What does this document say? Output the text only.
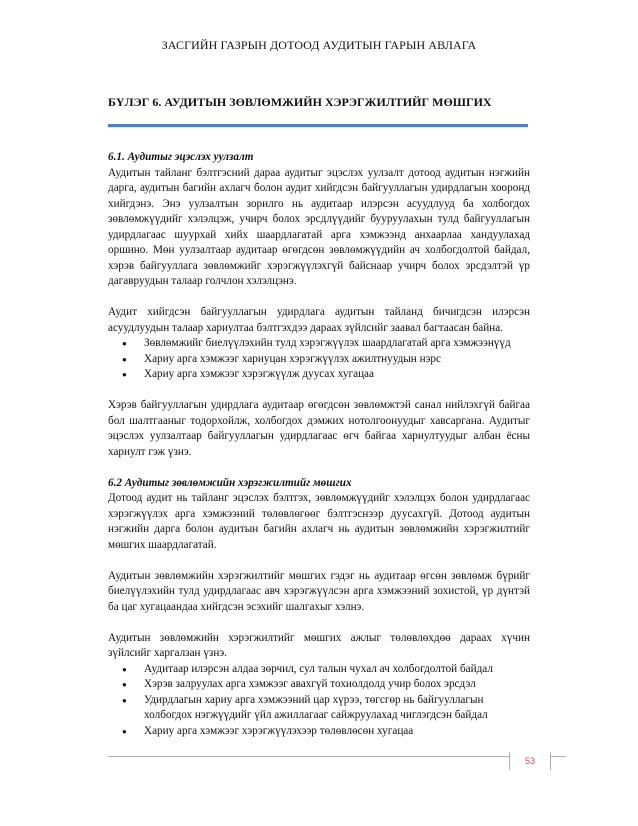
ЗАСГИЙН ГАЗРЫН ДОТООД АУДИТЫН ГАРЫН АВЛАГА
БҮЛЭГ 6. АУДИТЫН ЗӨВЛӨМЖИЙН ХЭРЭГЖИЛТИЙГ МӨШГИХ
6.1. Аудитыг эцэслэх уулзалт

Аудитын тайланг бэлтгэсний дараа аудитыг эцэслэх уулзалт дотоод аудитын нэгжийн дарга, аудитын багийн ахлагч болон аудит хийгдсэн байгууллагын удирдлагын хооронд хийгдэнэ. Энэ уулзалтын зорилго нь аудитаар илэрсэн асуудлууд ба холбогдох зөвлөмжүүдийг хэлэлцэж, учирч болох эрсдлүүдийг бууруулахын тулд байгууллагын удирдлагаас шуурхай хийх шаардлагатай арга хэмжээнд анхаарлаа хандуулахад оршино. Мөн уулзалтаар аудитаар өгөгдсөн зөвлөмжүүдийн ач холбогдолтой байдал, хэрэв байгууллага зөвлөмжийг хэрэгжүүлэхгүй байснаар учирч болох эрсдэлтэй үр дагавруудын талаар голчлон хэлэлцэнэ.

Аудит хийгдсэн байгууллагын удирдлага аудитын тайланд бичигдсэн илэрсэн асуудлуудын талаар хариултаа бэлтгэхдээ дараах зүйлсийг заавал багтаасан байна.

● Зөвлөмжийг биелүүлэхийн тулд хэрэгжүүлэх шаардлагатай арга хэмжээнүүд
● Хариу арга хэмжээг хариуцан хэрэгжүүлэх ажилтнуудын нэрс
● Хариу арга хэмжээг хэрэгжүүлж дуусах хугацаа

Хэрэв байгууллагын удирдлага аудитаар өгөгдсөн зөвлөмжтэй санал нийлэхгүй байгаа бол шалтгааныг тодорхойлж, холбогдох дэмжих нотолгоонуудыг хавсаргана. Аудитыг эцэслэх уулзалтаар байгууллагын удирдлагаас өгч байгаа хариултуудыг албан ёсны хариулт гэж үзнэ.

6.2 Аудитыг зөвлөмжийн хэрэгжилтийг мөшгих

Дотоод аудит нь тайланг эцэслэх бэлтгэх, зөвлөмжүүдийг хэлэлцэх болон удирдлагаас хэрэгжүүлэх арга хэмжээний төлөвлөгөөг бэлтгэснээр дуусахгүй. Дотоод аудитын нэгжийн дарга болон аудитын багийн ахлагч нь аудитын зөвлөмжийн хэрэгжилтийг мөшгих шаардлагатай.

Аудитын зөвлөмжийн хэрэгжилтийг мөшгих гэдэг нь аудитаар өгсөн зөвлөмж бүрийг биелүүлэхийн тулд удирдлагаас авч хэрэгжүүлсэн арга хэмжээний зохистой, үр дүнтэй ба цаг хугацаандаа хийгдсэн эсэхийг шалгахыг хэлнэ.

Аудитын зөвлөмжийн хэрэгжилтийг мөшгих ажлыг төлөвлөхдөө дараах хүчин зүйлсийг харгалзан үзнэ.

● Аудитаар илэрсэн алдаа зөрчил, сул талын чухал ач холбогдолтой байдал
● Хэрэв залруулах арга хэмжээг авахгүй тохиолдолд учир болох эрсдэл
● Удирдлагын хариу арга хэмжээний цар хүрээ, төгсгөр нь байгууллагын холбогдох нэгжүүдийг үйл ажиллагааг сайжруулахад чиглэгдсэн байдал
● Хариу арга хэмжээг хэрэгжүүлэхээр төлөвлөсөн хугацаа
53
